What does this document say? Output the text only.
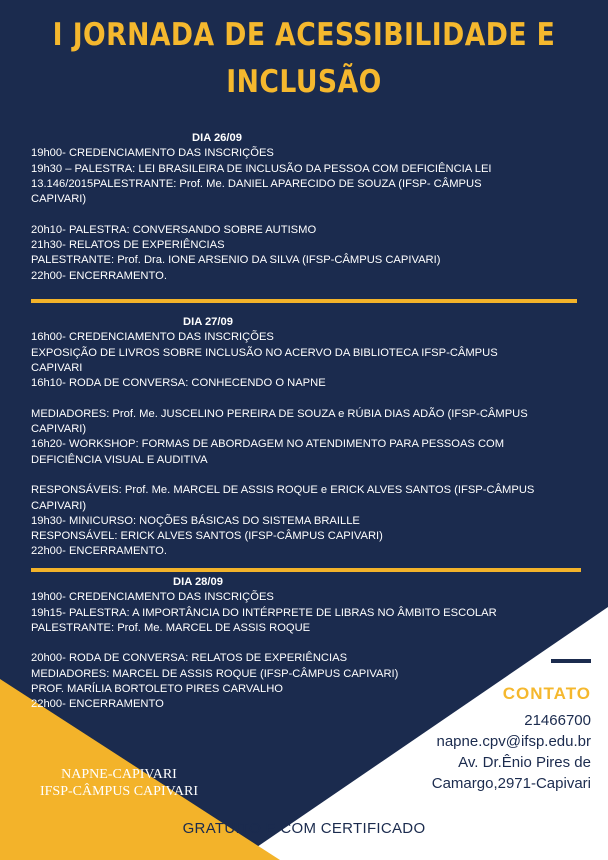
I JORNADA DE ACESSIBILIDADE E
INCLUSÃO
DIA 26/09
19h00- CREDENCIAMENTO DAS INSCRIÇÕES
19h30 – PALESTRA: LEI BRASILEIRA DE INCLUSÃO DA PESSOA COM DEFICIÊNCIA LEI
13.146/2015PALESTRANTE: Prof. Me. DANIEL APARECIDO DE SOUZA (IFSP- CÂMPUS
CAPIVARI)
20h10- PALESTRA: CONVERSANDO SOBRE AUTISMO
21h30- RELATOS DE EXPERIÊNCIAS
PALESTRANTE: Prof. Dra. IONE ARSENIO DA SILVA (IFSP-CÂMPUS CAPIVARI)
22h00- ENCERRAMENTO.
DIA 27/09
16h00- CREDENCIAMENTO DAS INSCRIÇÕES
EXPOSIÇÃO DE LIVROS SOBRE INCLUSÃO NO ACERVO DA BIBLIOTECA IFSP-CÂMPUS
CAPIVARI
16h10- RODA DE CONVERSA: CONHECENDO O NAPNE
MEDIADORES: Prof. Me. JUSCELINO PEREIRA DE SOUZA e RÚBIA DIAS ADÃO (IFSP-CÂMPUS
CAPIVARI)
16h20- WORKSHOP: FORMAS DE ABORDAGEM NO ATENDIMENTO PARA PESSOAS COM
DEFICIÊNCIA VISUAL E AUDITIVA
RESPONSÁVEIS: Prof. Me. MARCEL DE ASSIS ROQUE e ERICK ALVES SANTOS (IFSP-CÂMPUS
CAPIVARI)
19h30- MINICURSO: NOÇÕES BÁSICAS DO SISTEMA BRAILLE
RESPONSÁVEL: ERICK ALVES SANTOS (IFSP-CÂMPUS CAPIVARI)
22h00- ENCERRAMENTO.
DIA 28/09
19h00- CREDENCIAMENTO DAS INSCRIÇÕES
19h15- PALESTRA: A IMPORTÂNCIA DO INTÉRPRETE DE LIBRAS NO ÂMBITO ESCOLAR
PALESTRANTE: Prof. Me. MARCEL DE ASSIS ROQUE
20h00- RODA DE CONVERSA: RELATOS DE EXPERIÊNCIAS
MEDIADORES: MARCEL DE ASSIS ROQUE (IFSP-CÂMPUS CAPIVARI)
PROF. MARÍLIA BORTOLETO PIRES CARVALHO
22h00- ENCERRAMENTO
CONTATO
21466700
napne.cpv@ifsp.edu.br
Av. Dr.Ênio Pires de
Camargo,2971-Capivari
NAPNE-CAPIVARI
IFSP-CÂMPUS CAPIVARI
GRATUITO E COM CERTIFICADO
